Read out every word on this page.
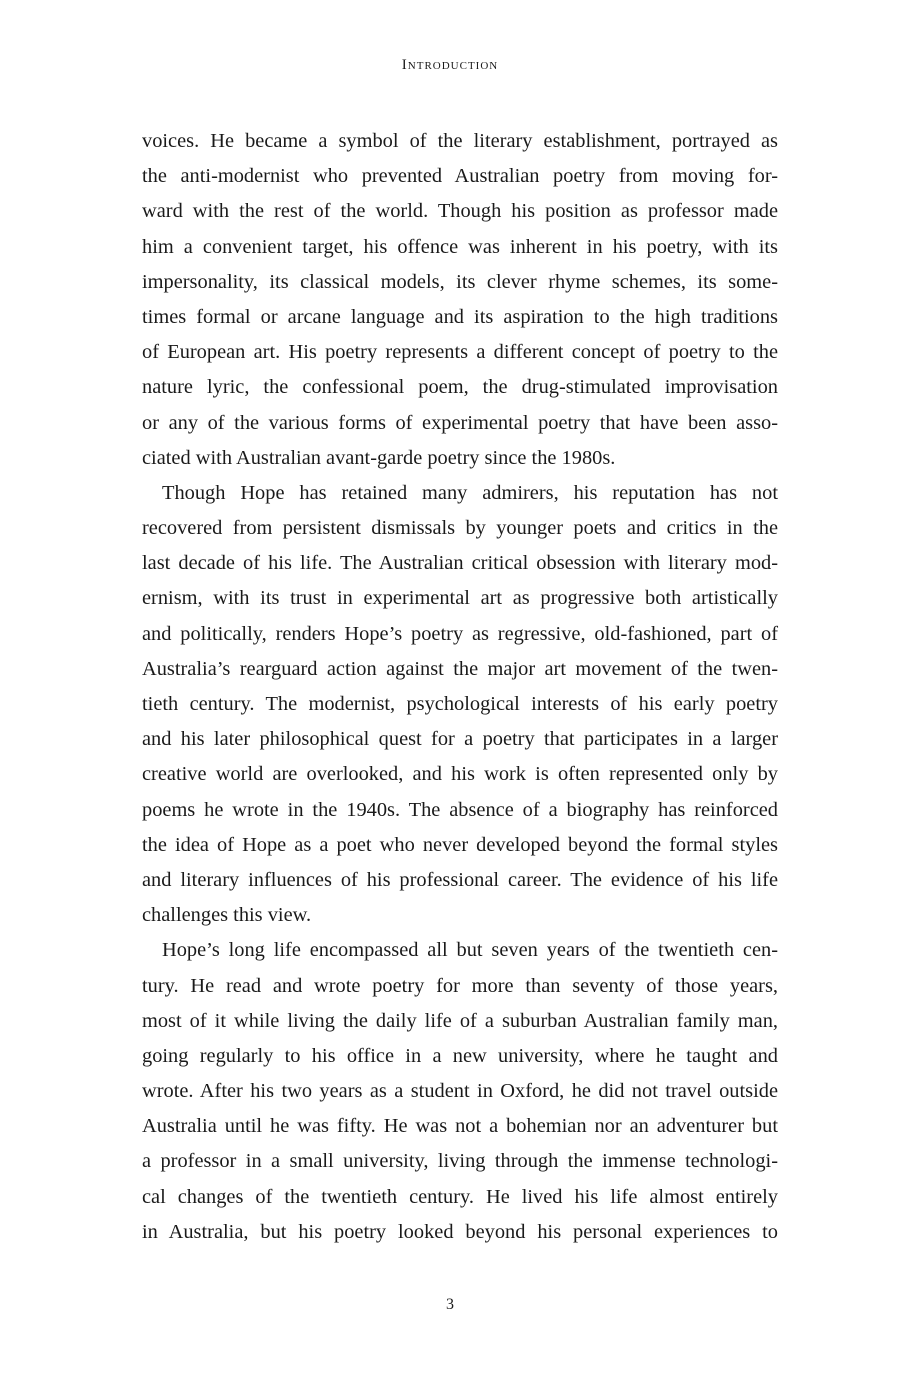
Introduction
voices. He became a symbol of the literary establishment, portrayed as
the anti-modernist who prevented Australian poetry from moving for-
ward with the rest of the world. Though his position as professor made
him a convenient target, his offence was inherent in his poetry, with its
impersonality, its classical models, its clever rhyme schemes, its some-
times formal or arcane language and its aspiration to the high traditions
of European art. His poetry represents a different concept of poetry to the
nature lyric, the confessional poem, the drug-stimulated improvisation
or any of the various forms of experimental poetry that have been asso-
ciated with Australian avant-garde poetry since the 1980s.
Though Hope has retained many admirers, his reputation has not
recovered from persistent dismissals by younger poets and critics in the
last decade of his life. The Australian critical obsession with literary mod-
ernism, with its trust in experimental art as progressive both artistically
and politically, renders Hope’s poetry as regressive, old-fashioned, part of
Australia’s rearguard action against the major art movement of the twen-
tieth century. The modernist, psychological interests of his early poetry
and his later philosophical quest for a poetry that participates in a larger
creative world are overlooked, and his work is often represented only by
poems he wrote in the 1940s. The absence of a biography has reinforced
the idea of Hope as a poet who never developed beyond the formal styles
and literary influences of his professional career. The evidence of his life
challenges this view.
Hope’s long life encompassed all but seven years of the twentieth cen-
tury. He read and wrote poetry for more than seventy of those years,
most of it while living the daily life of a suburban Australian family man,
going regularly to his office in a new university, where he taught and
wrote. After his two years as a student in Oxford, he did not travel outside
Australia until he was fifty. He was not a bohemian nor an adventurer but
a professor in a small university, living through the immense technologi-
cal changes of the twentieth century. He lived his life almost entirely
in Australia, but his poetry looked beyond his personal experiences to
3
